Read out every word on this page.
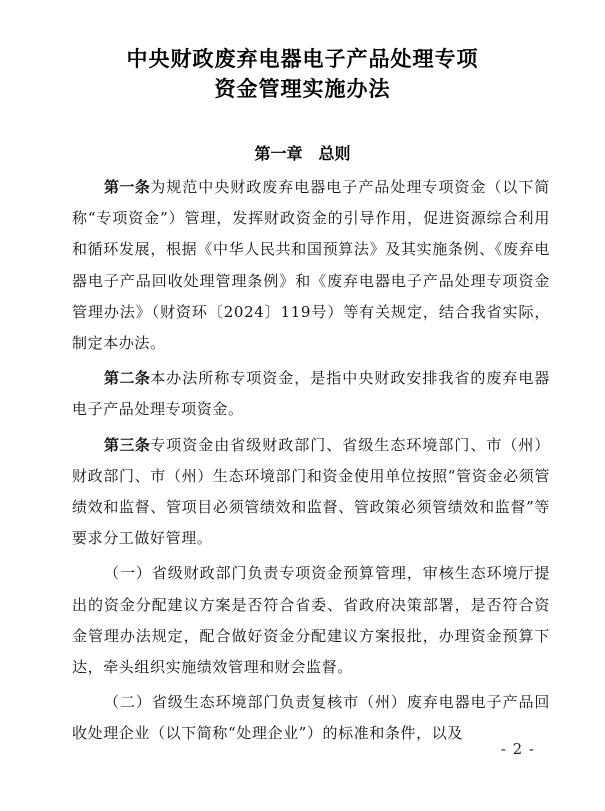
中央财政废弃电器电子产品处理专项
资金管理实施办法
第一章 总则

第一条为规范中央财政废弃电器电子产品处理专项资金（以下简称“专项资金”）管理，发挥财政资金的引导作用，促进资源综合利用和循环发展，根据《中华人民共和国预算法》及其实施条例、《废弃电器电子产品回收处理管理条例》和《废弃电器电子产品处理专项资金管理办法》（财资环〔2024〕119号）等有关规定，结合我省实际，制定本办法。

第二条本办法所称专项资金，是指中央财政安排我省的废弃电器电子产品处理专项资金。

第三条专项资金由省级财政部门、省级生态环境部门、市（州）财政部门、市（州）生态环境部门和资金使用单位按照“管资金必须管绩效和监督、管项目必须管绩效和监督、管政策必须管绩效和监督”等要求分工做好管理。

（一）省级财政部门负责专项资金预算管理，审核生态环境厅提出的资金分配建议方案是否符合省委、省政府决策部署，是否符合资金管理办法规定，配合做好资金分配建议方案报批，办理资金预算下达，牵头组织实施绩效管理和财会监督。

（二）省级生态环境部门负责复核市（州）废弃电器电子产品回收处理企业（以下简称“处理企业”）的标准和条件，以及

- 2 -
